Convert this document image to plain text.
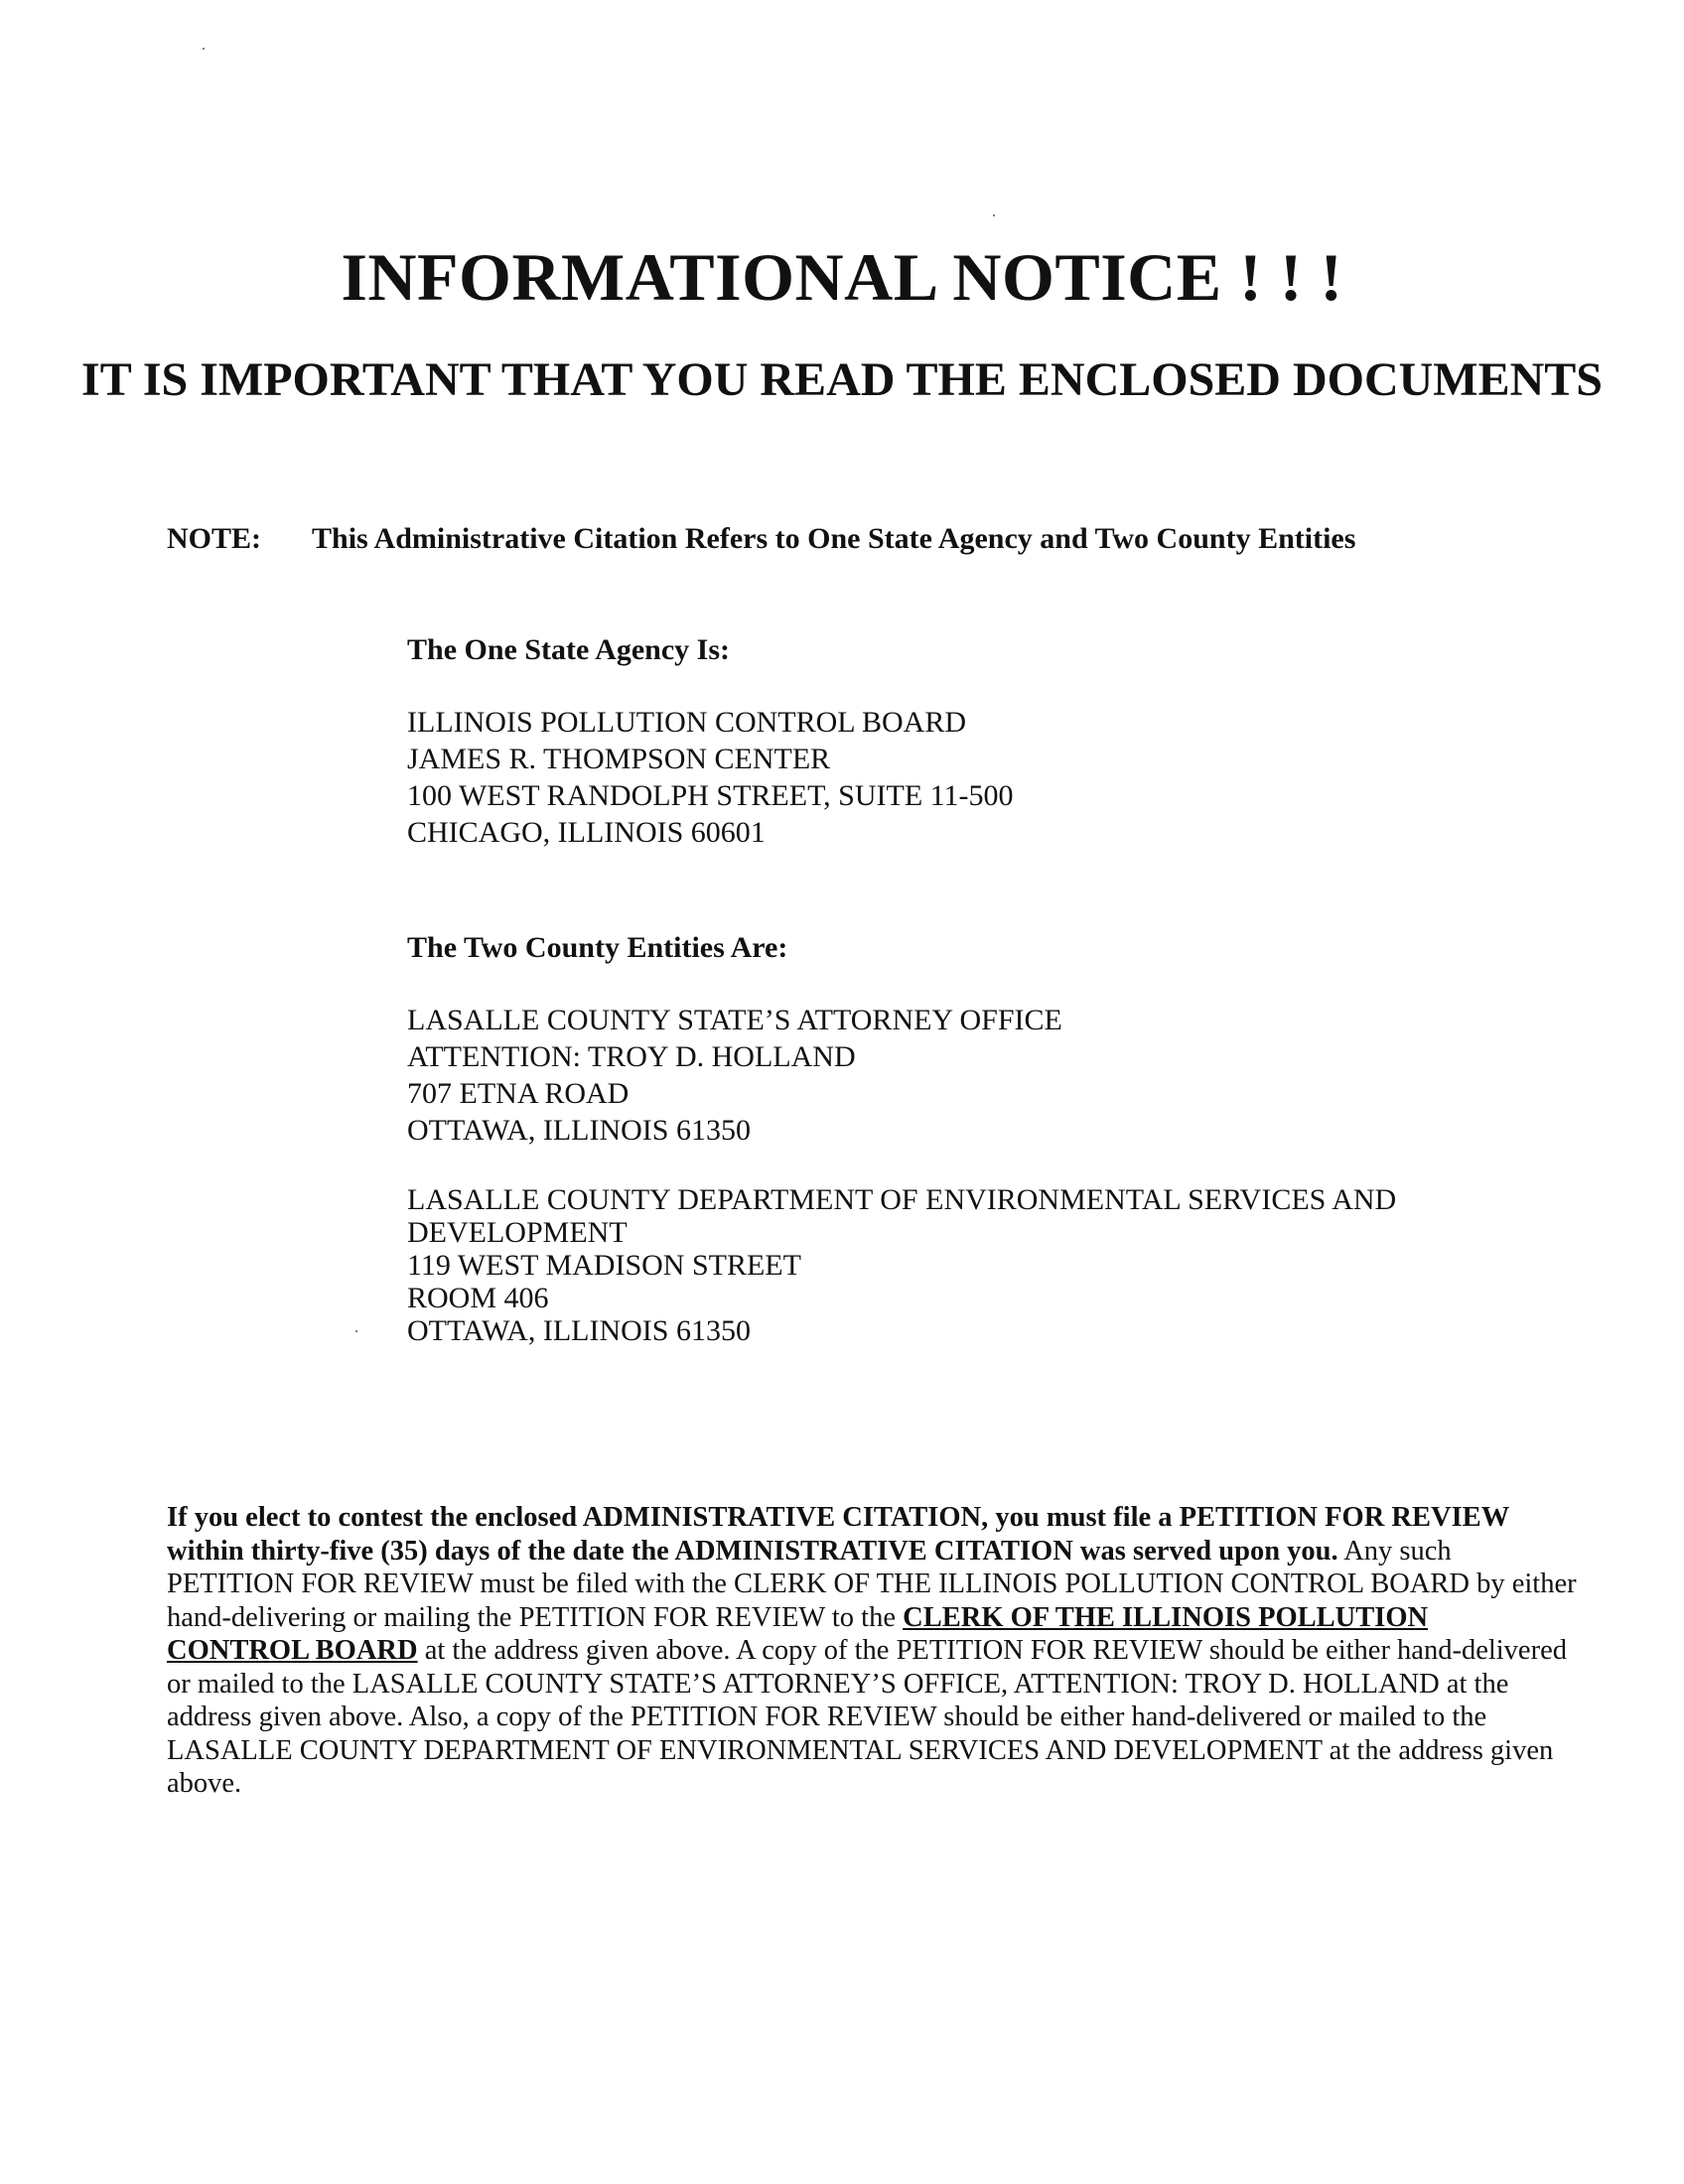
INFORMATIONAL NOTICE ! ! !
IT IS IMPORTANT THAT YOU READ THE ENCLOSED DOCUMENTS
NOTE: This Administrative Citation Refers to One State Agency and Two County Entities

The One State Agency Is:

ILLINOIS POLLUTION CONTROL BOARD
JAMES R. THOMPSON CENTER
100 WEST RANDOLPH STREET, SUITE 11-500
CHICAGO, ILLINOIS 60601

The Two County Entities Are:

LASALLE COUNTY STATE’S ATTORNEY OFFICE
ATTENTION: TROY D. HOLLAND
707 ETNA ROAD
OTTAWA, ILLINOIS 61350
LASALLE COUNTY DEPARTMENT OF ENVIRONMENTAL SERVICES AND
DEVELOPMENT
119 WEST MADISON STREET
ROOM 406
OTTAWA, ILLINOIS 61350

If you elect to contest the enclosed ADMINISTRATIVE CITATION, you must file a PETITION FOR REVIEW within thirty-five (35) days of the date the ADMINISTRATIVE CITATION was served upon you. Any such PETITION FOR REVIEW must be filed with the CLERK OF THE ILLINOIS POLLUTION CONTROL BOARD by either hand-delivering or mailing the PETITION FOR REVIEW to the CLERK OF THE ILLINOIS POLLUTION CONTROL BOARD at the address given above. A copy of the PETITION FOR REVIEW should be either hand-delivered or mailed to the LASALLE COUNTY STATE’S ATTORNEY’S OFFICE, ATTENTION: TROY D. HOLLAND at the address given above. Also, a copy of the PETITION FOR REVIEW should be either hand-delivered or mailed to the LASALLE COUNTY DEPARTMENT OF ENVIRONMENTAL SERVICES AND DEVELOPMENT at the address given above.
